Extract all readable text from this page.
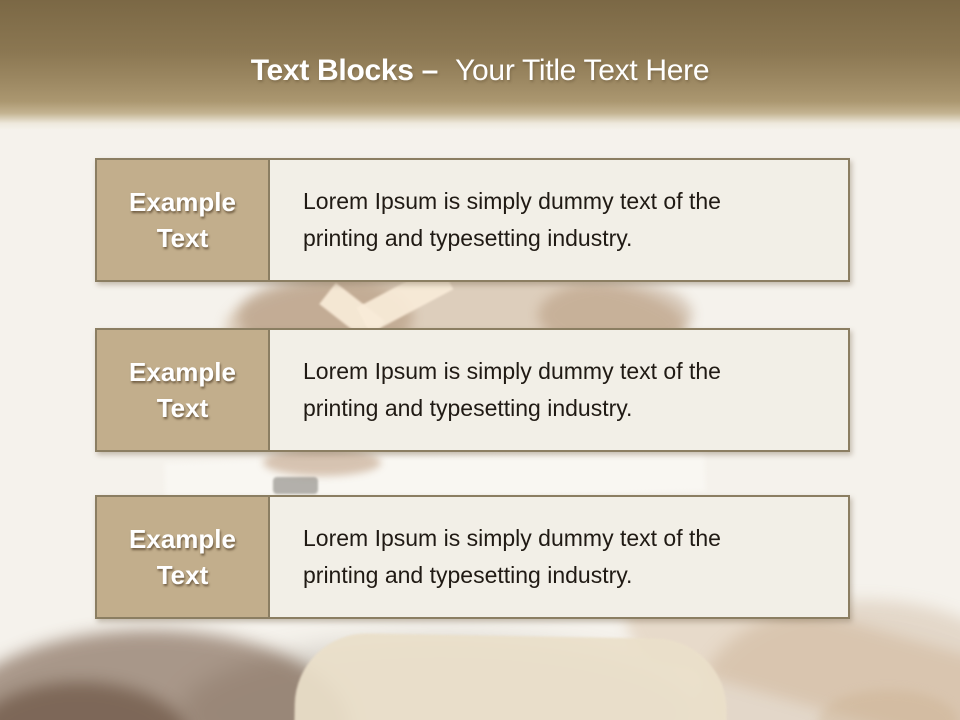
Text Blocks – Your Title Text Here
Example Text

Lorem Ipsum is simply dummy text of the
printing and typesetting industry.

Example Text

Lorem Ipsum is simply dummy text of the
printing and typesetting industry.

Example Text

Lorem Ipsum is simply dummy text of the
printing and typesetting industry.
